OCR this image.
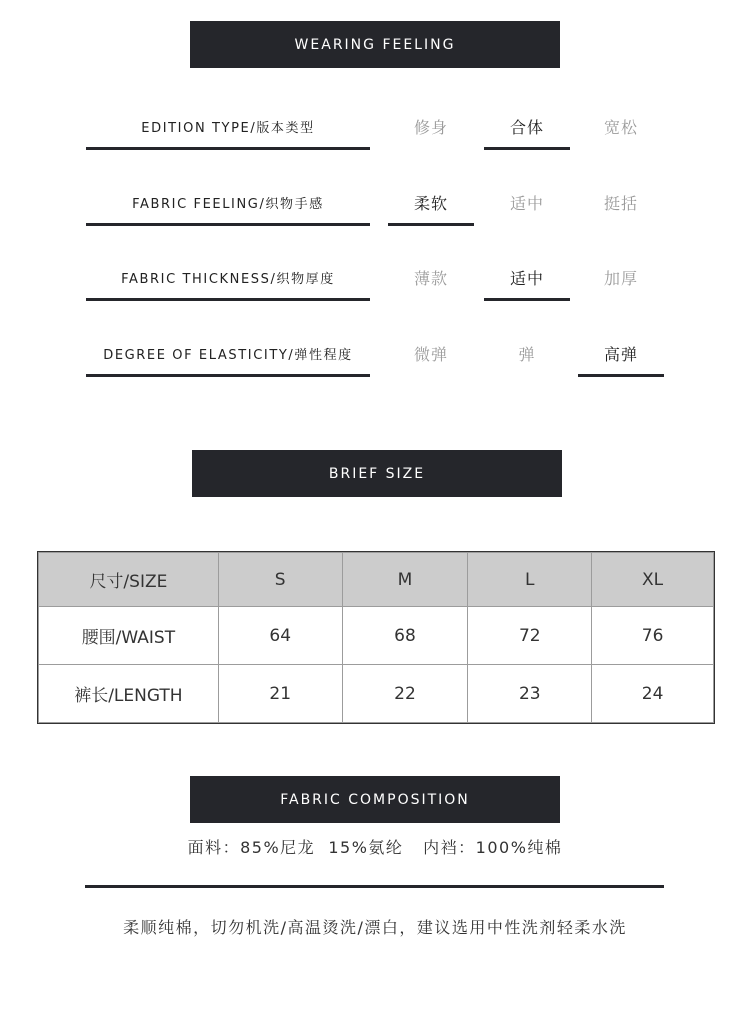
WEARING FEELING
EDITION TYPE/版本类型	修身	合体	宽松
FABRIC FEELING/织物手感	柔软	适中	挺括
FABRIC THICKNESS/织物厚度	薄款	适中	加厚
DEGREE OF ELASTICITY/弹性程度	微弹	弹	高弹
BRIEF SIZE
尺寸/SIZE	S	M	L	XL
腰围/WAIST	64	68	72	76
裤长/LENGTH	21	22	23	24
FABRIC COMPOSITION
面料：85%尼龙  15%氨纶   内裆：100%纯棉
柔顺纯棉，切勿机洗/高温烫洗/漂白，建议选用中性洗剂轻柔水洗
